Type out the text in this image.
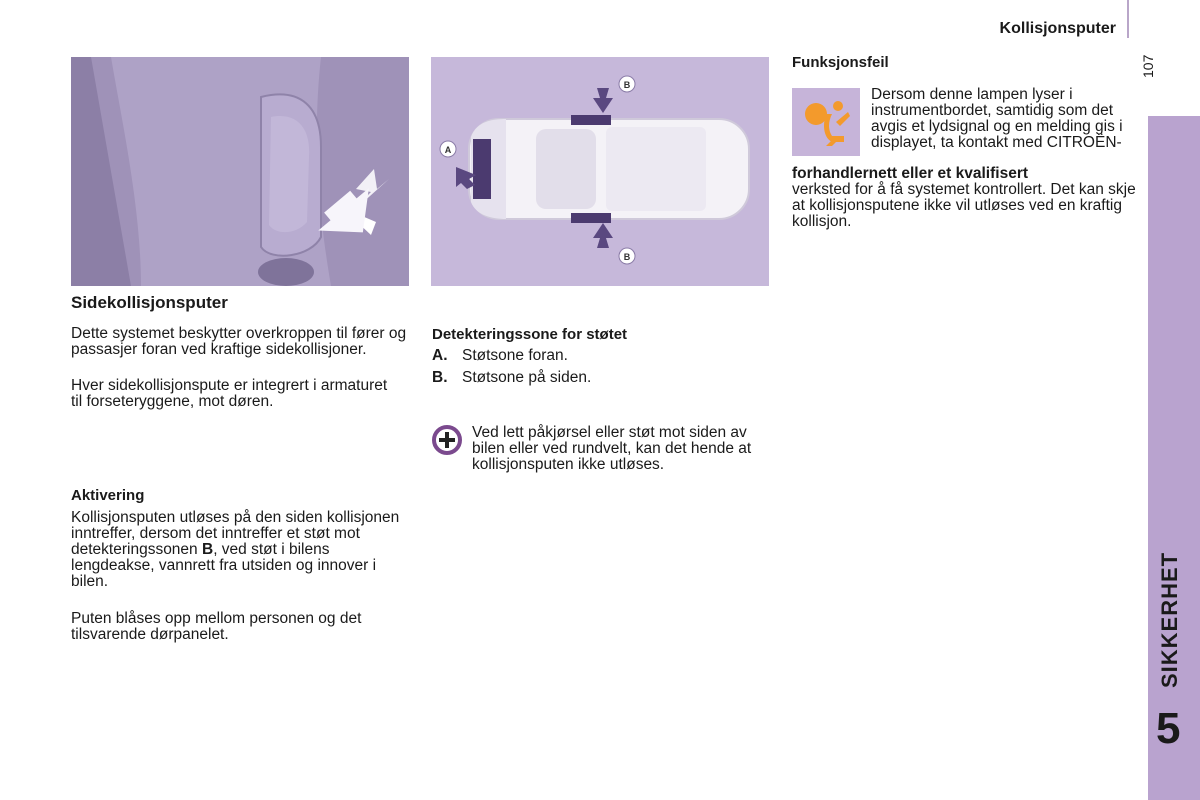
Kollisjonsputer
107
SIKKERHET
5
A
B
B
Sidekollisjonsputer

Dette systemet beskytter overkroppen til fører og passasjer foran ved kraftige sidekollisjoner.

Hver sidekollisjonspute er integrert i armaturet til forseteryggene, mot døren.

Aktivering

Kollisjonsputen utløses på den siden kollisjonen inntreffer, dersom det inntreffer et støt mot detekteringssonen B, ved støt i bilens lengdeakse, vannrett fra utsiden og innover i bilen.

Puten blåses opp mellom personen og det tilsvarende dørpanelet.

Detekteringssone for støtet
A. Støtsone foran.
B. Støtsone på siden.

Ved lett påkjørsel eller støt mot siden av bilen eller ved rundvelt, kan det hende at kollisjonsputen ikke utløses.

Funksjonsfeil

Dersom denne lampen lyser i instrumentbordet, samtidig som det avgis et lydsignal og en melding gis i displayet, ta kontakt med CITROËN-

forhandlernett eller et kvalifisert
verksted for å få systemet kontrollert. Det kan skje at kollisjonsputene ikke vil utløses ved en kraftig kollisjon.
